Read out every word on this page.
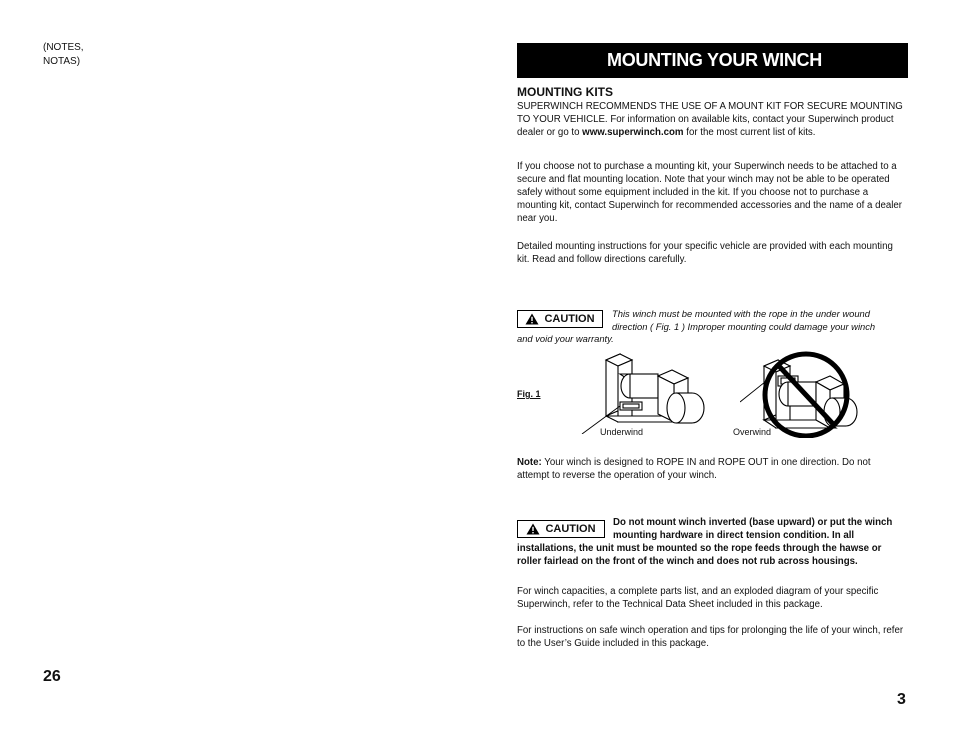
(NOTES, NOTAS)
26
MOUNTING YOUR WINCH
MOUNTING KITS
SUPERWINCH RECOMMENDS THE USE OF A MOUNT KIT FOR SECURE MOUNTING TO YOUR VEHICLE. For information on available kits, contact your Superwinch product dealer or go to www.superwinch.com for the most current list of kits.
If you choose not to purchase a mounting kit, your Superwinch needs to be attached to a secure and flat mounting location. Note that your winch may not be able to be operated safely without some equipment included in the kit. If you choose not to purchase a mounting kit, contact Superwinch for recommended accessories and the name of a dealer near you.
Detailed mounting instructions for your specific vehicle are provided with each mounting kit. Read and follow directions carefully.
CAUTION This winch must be mounted with the rope in the under wound direction ( Fig. 1 ) Improper mounting could damage your winch
and void your warranty.
Fig. 1
Underwind	Overwind
Note: Your winch is designed to ROPE IN and ROPE OUT in one direction. Do not attempt to reverse the operation of your winch.
CAUTION
Do not mount winch inverted (base upward) or put the winch mounting hardware in direct tension condition. In all
installations, the unit must be mounted so the rope feeds through the hawse or roller fairlead on the front of the winch and does not rub across housings.
For winch capacities, a complete parts list, and an exploded diagram of your specific Superwinch, refer to the Technical Data Sheet included in this package.
For instructions on safe winch operation and tips for prolonging the life of your winch, refer to the User’s Guide included in this package.
3
